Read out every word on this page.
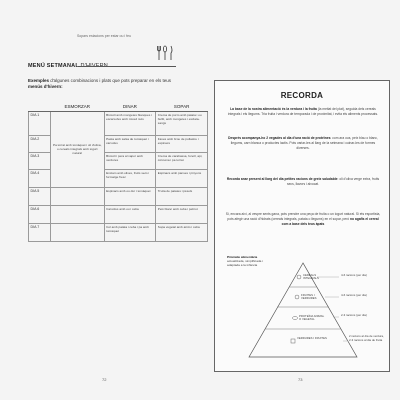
Sopars estacions per estar ou i feu
MENÚ SETMANAL D'HIVERN
Exemples d'algunes combinacions i plats que pots preparar en els teus menús d'hivern:
	ESMORZAR	DINAR	SOPAR
DIA 1	Pa torrat amb tomàquet i oli d'oliva, o cereals integrals amb iogurt natural	Bròcoli amb mongetes blanques i escarxofes amb mixed nuts	Crema de porro amb patata i ou bullit, amb mongetes i esclata-sangs
DIA 2		Pasta amb salsa de tomàquet i carxofes	Faves amb brou de pollastre i espinacs
DIA 3		Bròcoli i pera al vapor amb verdures	Crema de carabassa, fonoll, api, cúrcuma i pa torrat
DIA 4		Enciam amb olives, fruits secs i formatge fresc	Espinacs amb panses i pinyons
DIA 5		Espinacs amb ou dur i tomàquet	Truita de patates i pèsols
DIA 6		Carxofes amb ou i ceba	Peix blanc amb ceba i pebrot
DIA 7		Col amb patata i ceba i pa amb tomàquet	Sopa vegetal amb arròs i ceba
72
RECORDA
La base de la nostra alimentació és la verdura i la fruita (la meitat del plat), seguida dels cereals integrals i els llegums. Tria fruita i verdura de temporada i de proximitat, i evita els aliments processats.
Desprès acompanya-ho 2 vegades al dia d'una ració de proteïnes: com ara ous, peix blau o blanc, llegums, carn blanca o productes lactis. Pots variar-les al llarg de la setmana i cuinar-les de formes diverses.
Recorda anar present al llarg del dia petites racions de greix saludable: oli d'oliva verge extra, fruits secs, llavors i alvocat.
Si, encara així, al vespre sents gana, pots prendre una peça de fruita o un iogurt natural. Si ets esportista, pots afegir una ració d'hidrats (cereals integrals, patata o llegums) en el sopar, però no agafis el cereal com a base dels teus àpats
Piràmide alimentària actualitzada, simplificada i adaptada a la infància
CEREALS INTEGRALS
FRUITES I VERDURES
PROTEÏNA ANIMAL O VEGETAL
VERDURES I FRUITES
4-6 racions (per dia)
4-6 racions (per dia)
2-3 racions (per dia)
2 racions al dia de verdura, 2-3 racions al dia de fruita
73
